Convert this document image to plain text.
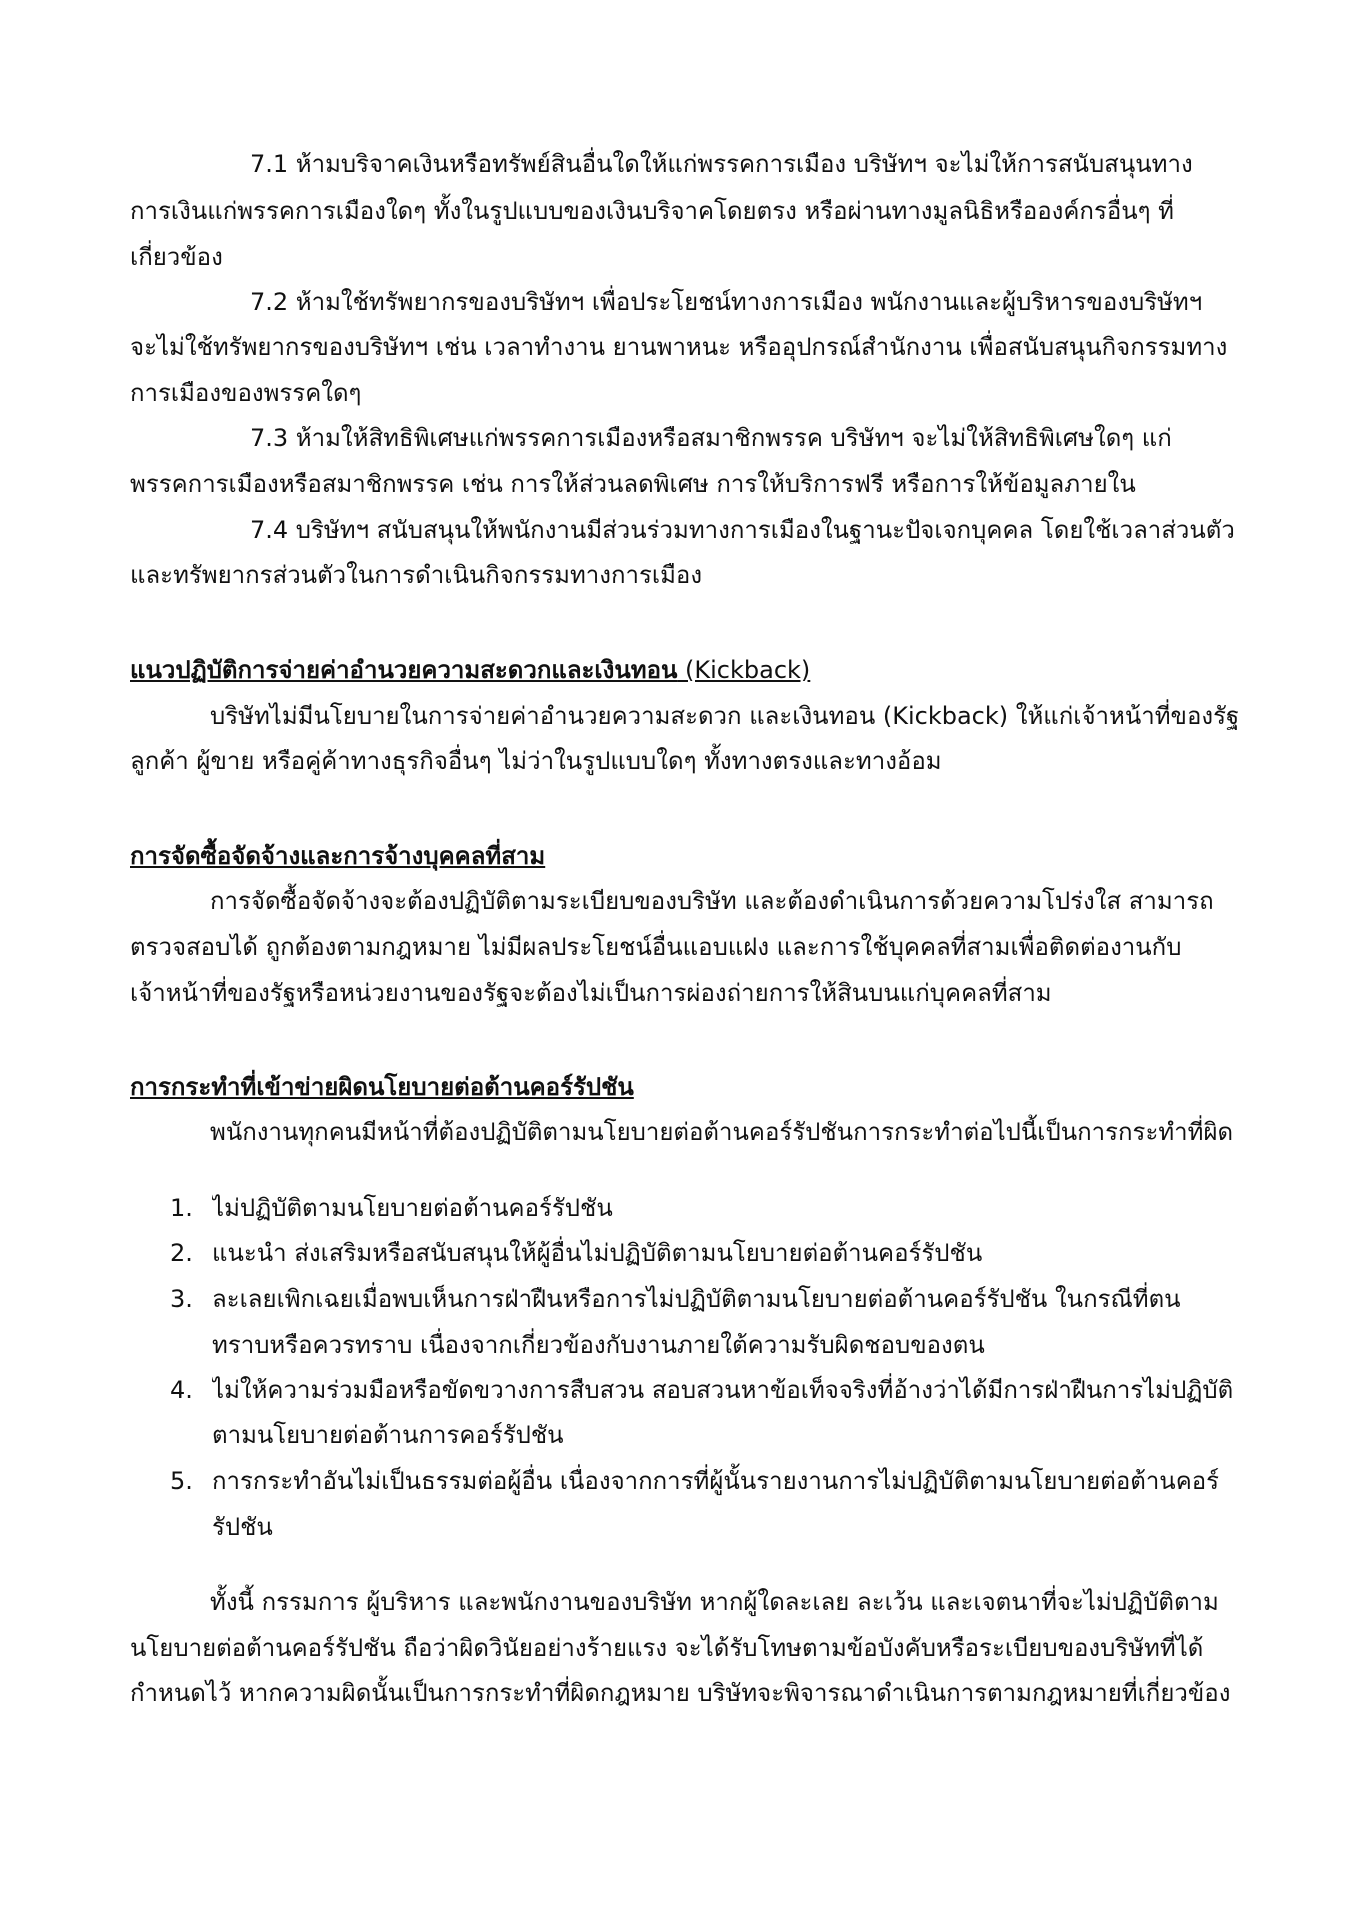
7.1 ห้ามบริจาคเงินหรือทรัพย์สินอื่นใดให้แก่พรรคการเมือง บริษัทฯ จะไม่ให้การสนับสนุนทาง
การเงินแก่พรรคการเมืองใดๆ ทั้งในรูปแบบของเงินบริจาคโดยตรง หรือผ่านทางมูลนิธิหรือองค์กรอื่นๆ ที่
เกี่ยวข้อง
7.2 ห้ามใช้ทรัพยากรของบริษัทฯ เพื่อประโยชน์ทางการเมือง พนักงานและผู้บริหารของบริษัทฯ
จะไม่ใช้ทรัพยากรของบริษัทฯ เช่น เวลาทำงาน ยานพาหนะ หรืออุปกรณ์สำนักงาน เพื่อสนับสนุนกิจกรรมทาง
การเมืองของพรรคใดๆ
7.3 ห้ามให้สิทธิพิเศษแก่พรรคการเมืองหรือสมาชิกพรรค บริษัทฯ จะไม่ให้สิทธิพิเศษใดๆ แก่
พรรคการเมืองหรือสมาชิกพรรค เช่น การให้ส่วนลดพิเศษ การให้บริการฟรี หรือการให้ข้อมูลภายใน
7.4 บริษัทฯ สนับสนุนให้พนักงานมีส่วนร่วมทางการเมืองในฐานะปัจเจกบุคคล โดยใช้เวลาส่วนตัว
และทรัพยากรส่วนตัวในการดำเนินกิจกรรมทางการเมือง
แนวปฏิบัติการจ่ายค่าอำนวยความสะดวกและเงินทอน (Kickback)
บริษัทไม่มีนโยบายในการจ่ายค่าอำนวยความสะดวก และเงินทอน (Kickback) ให้แก่เจ้าหน้าที่ของรัฐ
ลูกค้า ผู้ขาย หรือคู่ค้าทางธุรกิจอื่นๆ ไม่ว่าในรูปแบบใดๆ ทั้งทางตรงและทางอ้อม
การจัดซื้อจัดจ้างและการจ้างบุคคลที่สาม
การจัดซื้อจัดจ้างจะต้องปฏิบัติตามระเบียบของบริษัท และต้องดำเนินการด้วยความโปร่งใส สามารถ
ตรวจสอบได้ ถูกต้องตามกฎหมาย ไม่มีผลประโยชน์อื่นแอบแฝง และการใช้บุคคลที่สามเพื่อติดต่องานกับ
เจ้าหน้าที่ของรัฐหรือหน่วยงานของรัฐจะต้องไม่เป็นการผ่องถ่ายการให้สินบนแก่บุคคลที่สาม
การกระทำที่เข้าข่ายผิดนโยบายต่อต้านคอร์รัปชัน
พนักงานทุกคนมีหน้าที่ต้องปฏิบัติตามนโยบายต่อต้านคอร์รัปชันการกระทำต่อไปนี้เป็นการกระทำที่ผิด
1. ไม่ปฏิบัติตามนโยบายต่อต้านคอร์รัปชัน
2. แนะนำ ส่งเสริมหรือสนับสนุนให้ผู้อื่นไม่ปฏิบัติตามนโยบายต่อต้านคอร์รัปชัน
3. ละเลยเพิกเฉยเมื่อพบเห็นการฝ่าฝืนหรือการไม่ปฏิบัติตามนโยบายต่อต้านคอร์รัปชัน ในกรณีที่ตน
ทราบหรือควรทราบ เนื่องจากเกี่ยวข้องกับงานภายใต้ความรับผิดชอบของตน
4. ไม่ให้ความร่วมมือหรือขัดขวางการสืบสวน สอบสวนหาข้อเท็จจริงที่อ้างว่าได้มีการฝ่าฝืนการไม่ปฏิบัติ
ตามนโยบายต่อต้านการคอร์รัปชัน
5. การกระทำอันไม่เป็นธรรมต่อผู้อื่น เนื่องจากการที่ผู้นั้นรายงานการไม่ปฏิบัติตามนโยบายต่อต้านคอร์
รัปชัน
ทั้งนี้ กรรมการ ผู้บริหาร และพนักงานของบริษัท หากผู้ใดละเลย ละเว้น และเจตนาที่จะไม่ปฏิบัติตาม
นโยบายต่อต้านคอร์รัปชัน ถือว่าผิดวินัยอย่างร้ายแรง จะได้รับโทษตามข้อบังคับหรือระเบียบของบริษัทที่ได้
กำหนดไว้ หากความผิดนั้นเป็นการกระทำที่ผิดกฎหมาย บริษัทจะพิจารณาดำเนินการตามกฎหมายที่เกี่ยวข้อง
